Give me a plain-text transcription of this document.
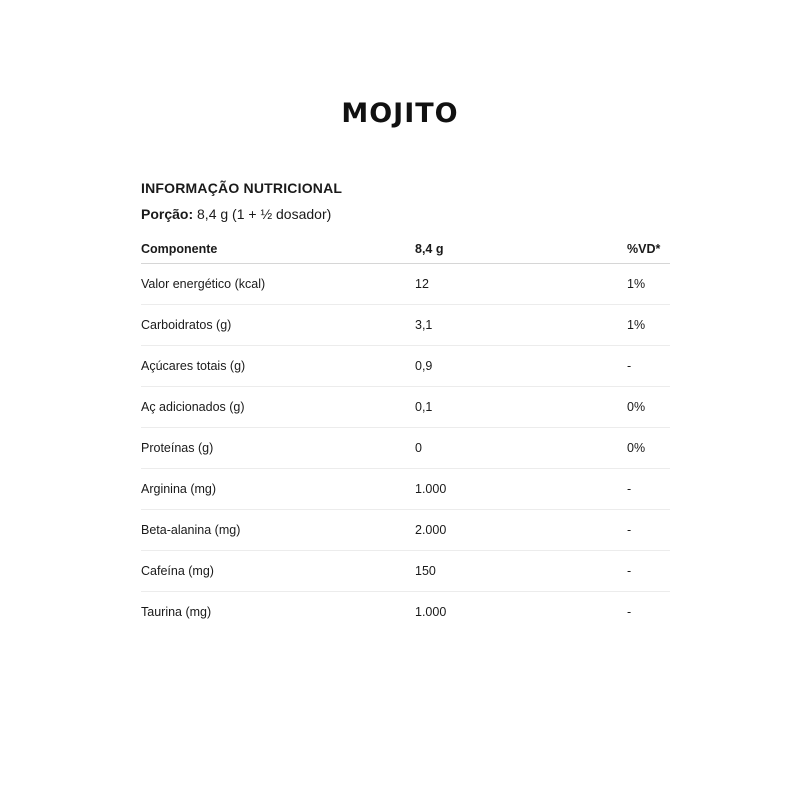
MOJITO
INFORMAÇÃO NUTRICIONAL
Porção: 8,4 g (1 + ½ dosador)
Componente	8,4 g	%VD*
Valor energético (kcal)	12	1%
Carboidratos (g)	3,1	1%
Açúcares totais (g)	0,9	-
Aç adicionados (g)	0,1	0%
Proteínas (g)	0	0%
Arginina (mg)	1.000	-
Beta-alanina (mg)	2.000	-
Cafeína (mg)	150	-
Taurina (mg)	1.000	-
